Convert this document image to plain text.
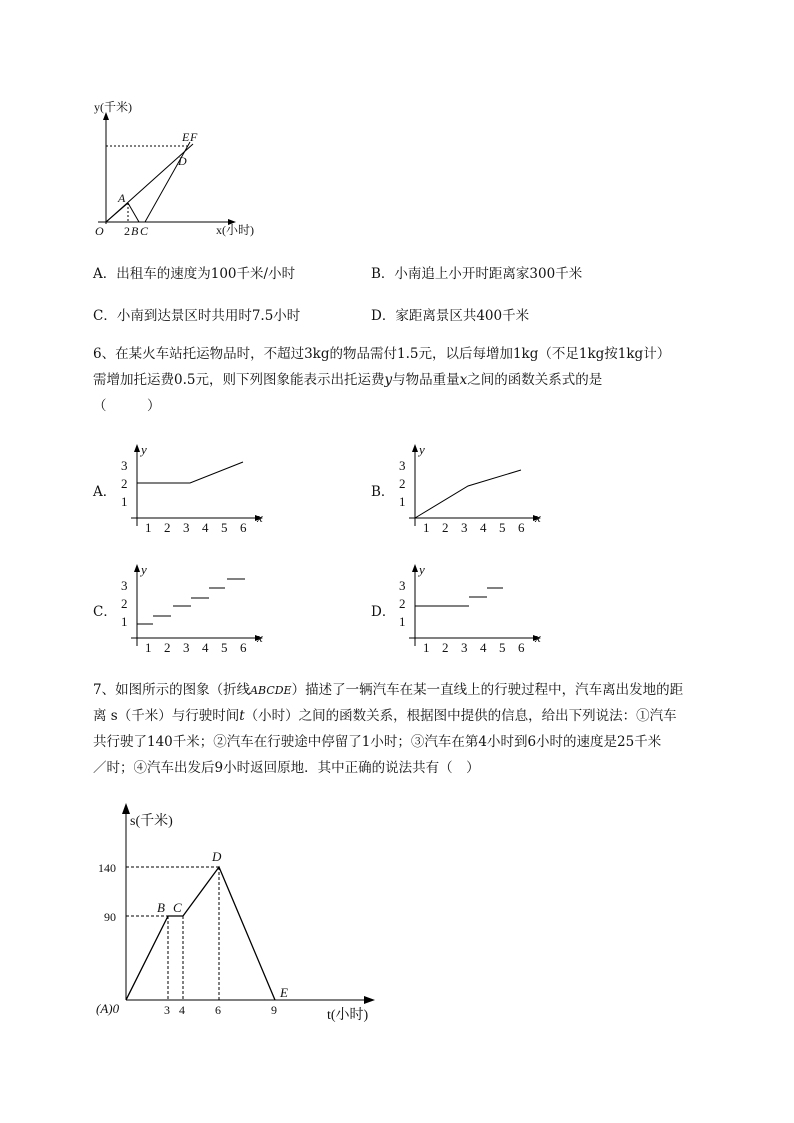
y(千米)
x(小时)
O 2 B C
A
E F
D
A．出租车的速度为100千米/小时	B．小南追上小开时距离家300千米
C．小南到达景区时共用时7.5小时	D．家距离景区共400千米
6、在某火车站托运物品时，不超过3kg的物品需付1.5元，以后每增加1kg（不足1kg按1kg计）
需增加托运费0.5元，则下列图象能表示出托运费y与物品重量x之间的函数关系式的是
（　　　）
A．
1
2
3
1 2 3 4 5 6
y
x
B．
1
2
3
1 2 3 4 5 6
y
x
C．
1
2
3
1 2 3 4 5 6
y
x
D．
1
2
3
1 2 3 4 5 6
y
x
7、如图所示的图象（折线ABCDE）描述了一辆汽车在某一直线上的行驶过程中，汽车离出发地的距
离 s（千米）与行驶时间t（小时）之间的函数关系，根据图中提供的信息，给出下列说法：①汽车
共行驶了140千米；②汽车在行驶途中停留了1小时；③汽车在第4小时到6小时的速度是25千米
／时；④汽车出发后9小时返回原地．其中正确的说法共有（　）
s(千米)
t(小时)
(A)0
140
90
3 4	6	9
B C
D
E
